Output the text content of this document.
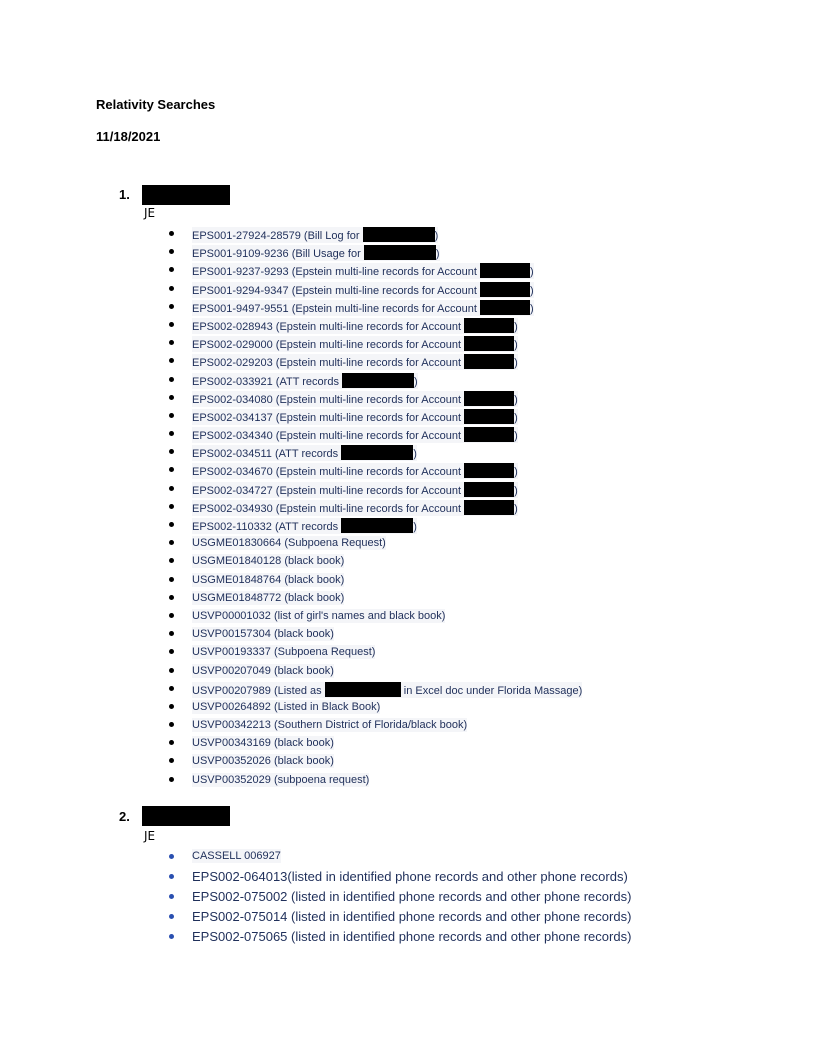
Relativity Searches
11/18/2021
1.
JE
EPS001-27924-28579 (Bill Log for	)
EPS001-9109-9236 (Bill Usage for	)
EPS001-9237-9293 (Epstein multi-line records for Account	)
EPS001-9294-9347 (Epstein multi-line records for Account	)
EPS001-9497-9551 (Epstein multi-line records for Account	)
EPS002-028943 (Epstein multi-line records for Account	)
EPS002-029000 (Epstein multi-line records for Account	)
EPS002-029203 (Epstein multi-line records for Account	)
EPS002-033921 (ATT records	)
EPS002-034080 (Epstein multi-line records for Account	)
EPS002-034137 (Epstein multi-line records for Account	)
EPS002-034340 (Epstein multi-line records for Account	)
EPS002-034511 (ATT records	)
EPS002-034670 (Epstein multi-line records for Account	)
EPS002-034727 (Epstein multi-line records for Account	)
EPS002-034930 (Epstein multi-line records for Account	)
EPS002-110332 (ATT records	)
USGME01830664 (Subpoena Request)
USGME01840128 (black book)
USGME01848764 (black book)
USGME01848772 (black book)
USVP00001032 (list of girl's names and black book)
USVP00157304 (black book)
USVP00193337 (Subpoena Request)
USVP00207049 (black book)
USVP00207989 (Listed as	in Excel doc under Florida Massage)
USVP00264892 (Listed in Black Book)
USVP00342213 (Southern District of Florida/black book)
USVP00343169 (black book)
USVP00352026 (black book)
USVP00352029 (subpoena request)
2.
JE
CASSELL 006927
EPS002-064013(listed in identified phone records and other phone records)
EPS002-075002 (listed in identified phone records and other phone records)
EPS002-075014 (listed in identified phone records and other phone records)
EPS002-075065 (listed in identified phone records and other phone records)
